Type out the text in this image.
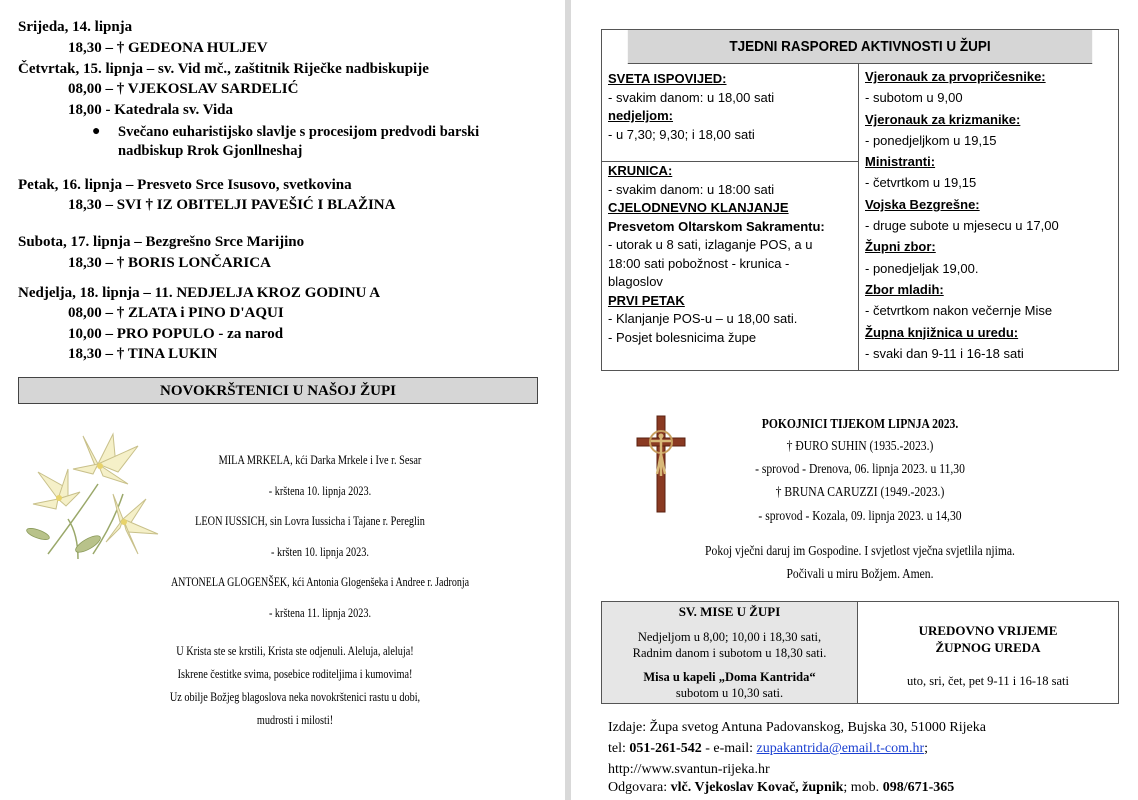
Srijeda, 14. lipnja
18,30 – † GEDEONA HULJEV
Četvrtak, 15. lipnja – sv. Vid mč., zaštitnik Riječke nadbiskupije
08,00 – † VJEKOSLAV SARDELIĆ
18,00 - Katedrala sv. Vida
● Svečano euharistijsko slavlje s procesijom predvodi barski nadbiskup Rrok Gjonllneshaj
Petak, 16. lipnja – Presveto Srce Isusovo, svetkovina
18,30 – SVI † IZ OBITELJI PAVEŠIĆ I BLAŽINA
Subota, 17. lipnja – Bezgrešno Srce Marijino
18,30 – † BORIS LONČARICA
Nedjelja, 18. lipnja – 11. NEDJELJA KROZ GODINU A
08,00 – † ZLATA i PINO D'AQUI
10,00 – PRO POPULO - za narod
18,30 – † TINA LUKIN
NOVOKRŠTENICI U NAŠOJ ŽUPI
MILA MRKELA, kći Darka Mrkele i Ive r. Sesar
- krštena 10. lipnja 2023.
LEON IUSSICH, sin Lovra Iussicha i Tajane r. Pereglin
- kršten 10. lipnja 2023.
ANTONELA GLOGENŠEK, kći Antonia Glogenšeka i Andree r. Jadronja
- krštena 11. lipnja 2023.
U Krista ste se krstili, Krista ste odjenuli. Aleluja, aleluja!
Iskrene čestitke svima, posebice roditeljima i kumovima!
Uz obilje Božjeg blagoslova neka novokrštenici rastu u dobi,
mudrosti i milosti!
TJEDNI RASPORED AKTIVNOSTI U ŽUPI
SVETA ISPOVIJED:
- svakim danom: u 18,00 sati
nedjeljom:
- u 7,30; 9,30; i 18,00 sati
KRUNICA:
- svakim danom: u 18:00 sati
CJELODNEVNO KLANJANJE
Presvetom Oltarskom Sakramentu:
- utorak u 8 sati, izlaganje POS, a u
18:00 sati pobožnost - krunica -
blagoslov
PRVI PETAK
- Klanjanje POS-u – u 18,00 sati.
- Posjet bolesnicima župe
Vjeronauk za prvopričesnike:
- subotom u 9,00
Vjeronauk za krizmanike:
- ponedjeljkom u 19,15
Ministranti:
- četvrtkom u 19,15
Vojska Bezgrešne:
- druge subote u mjesecu u 17,00
Župni zbor:
- ponedjeljak 19,00.
Zbor mladih:
- četvrtkom nakon večernje Mise
Župna knjižnica u uredu:
- svaki dan 9-11 i 16-18 sati
POKOJNICI TIJEKOM LIPNJA 2023.
† ĐURO SUHIN (1935.-2023.)
- sprovod - Drenova, 06. lipnja 2023. u 11,30
† BRUNA CARUZZI (1949.-2023.)
- sprovod - Kozala, 09. lipnja 2023. u 14,30
Pokoj vječni daruj im Gospodine. I svjetlost vječna svjetlila njima.
Počivali u miru Božjem. Amen.
SV. MISE U ŽUPI
Nedjeljom u 8,00; 10,00 i 18,30 sati,
Radnim danom i subotom u 18,30 sati.
Misa u kapeli „Doma Kantrida“
subotom u 10,30 sati.
UREDOVNO VRIJEME
ŽUPNOG UREDA
uto, sri, čet, pet 9-11 i 16-18 sati
Izdaje: Župa svetog Antuna Padovanskog, Bujska 30, 51000 Rijeka
tel: 051-261-542 - e-mail: zupakantrida@email.t-com.hr;
http://www.svantun-rijeka.hr
Odgovara: vlč. Vjekoslav Kovač, župnik; mob. 098/671-365
